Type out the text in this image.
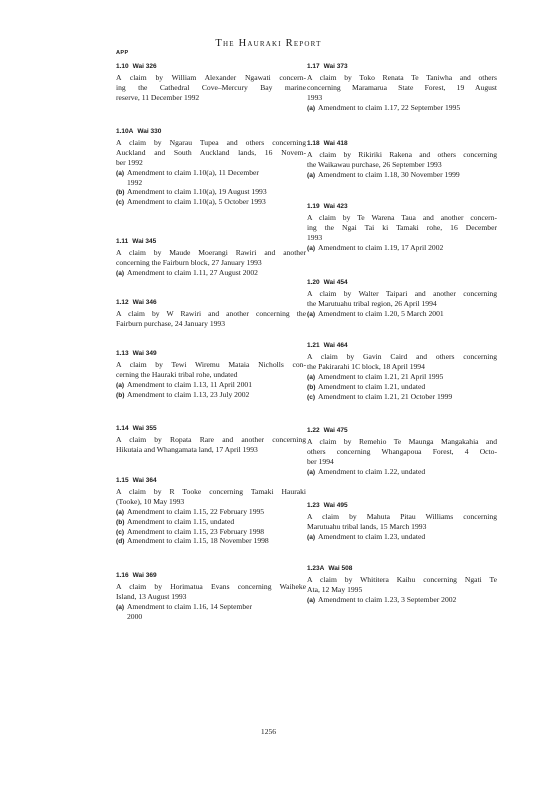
The Hauraki Report
APP
1.10 Wai 326
A claim by William Alexander Ngawati concern-
ing the Cathedral Cove–Mercury Bay marine
reserve, 11 December 1992
1.10A Wai 330
A claim by Ngarau Tupea and others concerning
Auckland and South Auckland lands, 16 Novem-
ber 1992
(a) Amendment to claim 1.10(a), 11 December
1992
(b) Amendment to claim 1.10(a), 19 August 1993
(c) Amendment to claim 1.10(a), 5 October 1993
1.11 Wai 345
A claim by Maude Moerangi Rawiri and another
concerning the Fairburn block, 27 January 1993
(a) Amendment to claim 1.11, 27 August 2002
1.12 Wai 346
A claim by W Rawiri and another concerning the
Fairburn purchase, 24 January 1993
1.13 Wai 349
A claim by Tewi Wiremu Mataia Nicholls con-
cerning the Hauraki tribal rohe, undated
(a) Amendment to claim 1.13, 11 April 2001
(b) Amendment to claim 1.13, 23 July 2002
1.14 Wai 355
A claim by Ropata Rare and another concerning
Hikutaia and Whangamata land, 17 April 1993
1.15 Wai 364
A claim by R Tooke concerning Tamaki Hauraki
(Tooke), 10 May 1993
(a) Amendment to claim 1.15, 22 February 1995
(b) Amendment to claim 1.15, undated
(c) Amendment to claim 1.15, 23 February 1998
(d) Amendment to claim 1.15, 18 November 1998
1.16 Wai 369
A claim by Horimatua Evans concerning Waiheke
Island, 13 August 1993
(a) Amendment to claim 1.16, 14 September
2000
1.17 Wai 373
A claim by Toko Renata Te Taniwha and others
concerning Maramarua State Forest, 19 August
1993
(a) Amendment to claim 1.17, 22 September 1995
1.18 Wai 418
A claim by Rikiriki Rakena and others concerning
the Waikawau purchase, 26 September 1993
(a) Amendment to claim 1.18, 30 November 1999
1.19 Wai 423
A claim by Te Warena Taua and another concern-
ing the Ngai Tai ki Tamaki rohe, 16 December
1993
(a) Amendment to claim 1.19, 17 April 2002
1.20 Wai 454
A claim by Walter Taipari and another concerning
the Marutuahu tribal region, 26 April 1994
(a) Amendment to claim 1.20, 5 March 2001
1.21 Wai 464
A claim by Gavin Caird and others concerning
the Pakirarahi 1C block, 18 April 1994
(a) Amendment to claim 1.21, 21 April 1995
(b) Amendment to claim 1.21, undated
(c) Amendment to claim 1.21, 21 October 1999
1.22 Wai 475
A claim by Remehio Te Maunga Mangakahia and
others concerning Whangapoua Forest, 4 Octo-
ber 1994
(a) Amendment to claim 1.22, undated
1.23 Wai 495
A claim by Mahuta Pitau Williams concerning
Marutuahu tribal lands, 15 March 1993
(a) Amendment to claim 1.23, undated
1.23A Wai 508
A claim by Whititera Kaihu concerning Ngati Te
Ata, 12 May 1995
(a) Amendment to claim 1.23, 3 September 2002
1256
